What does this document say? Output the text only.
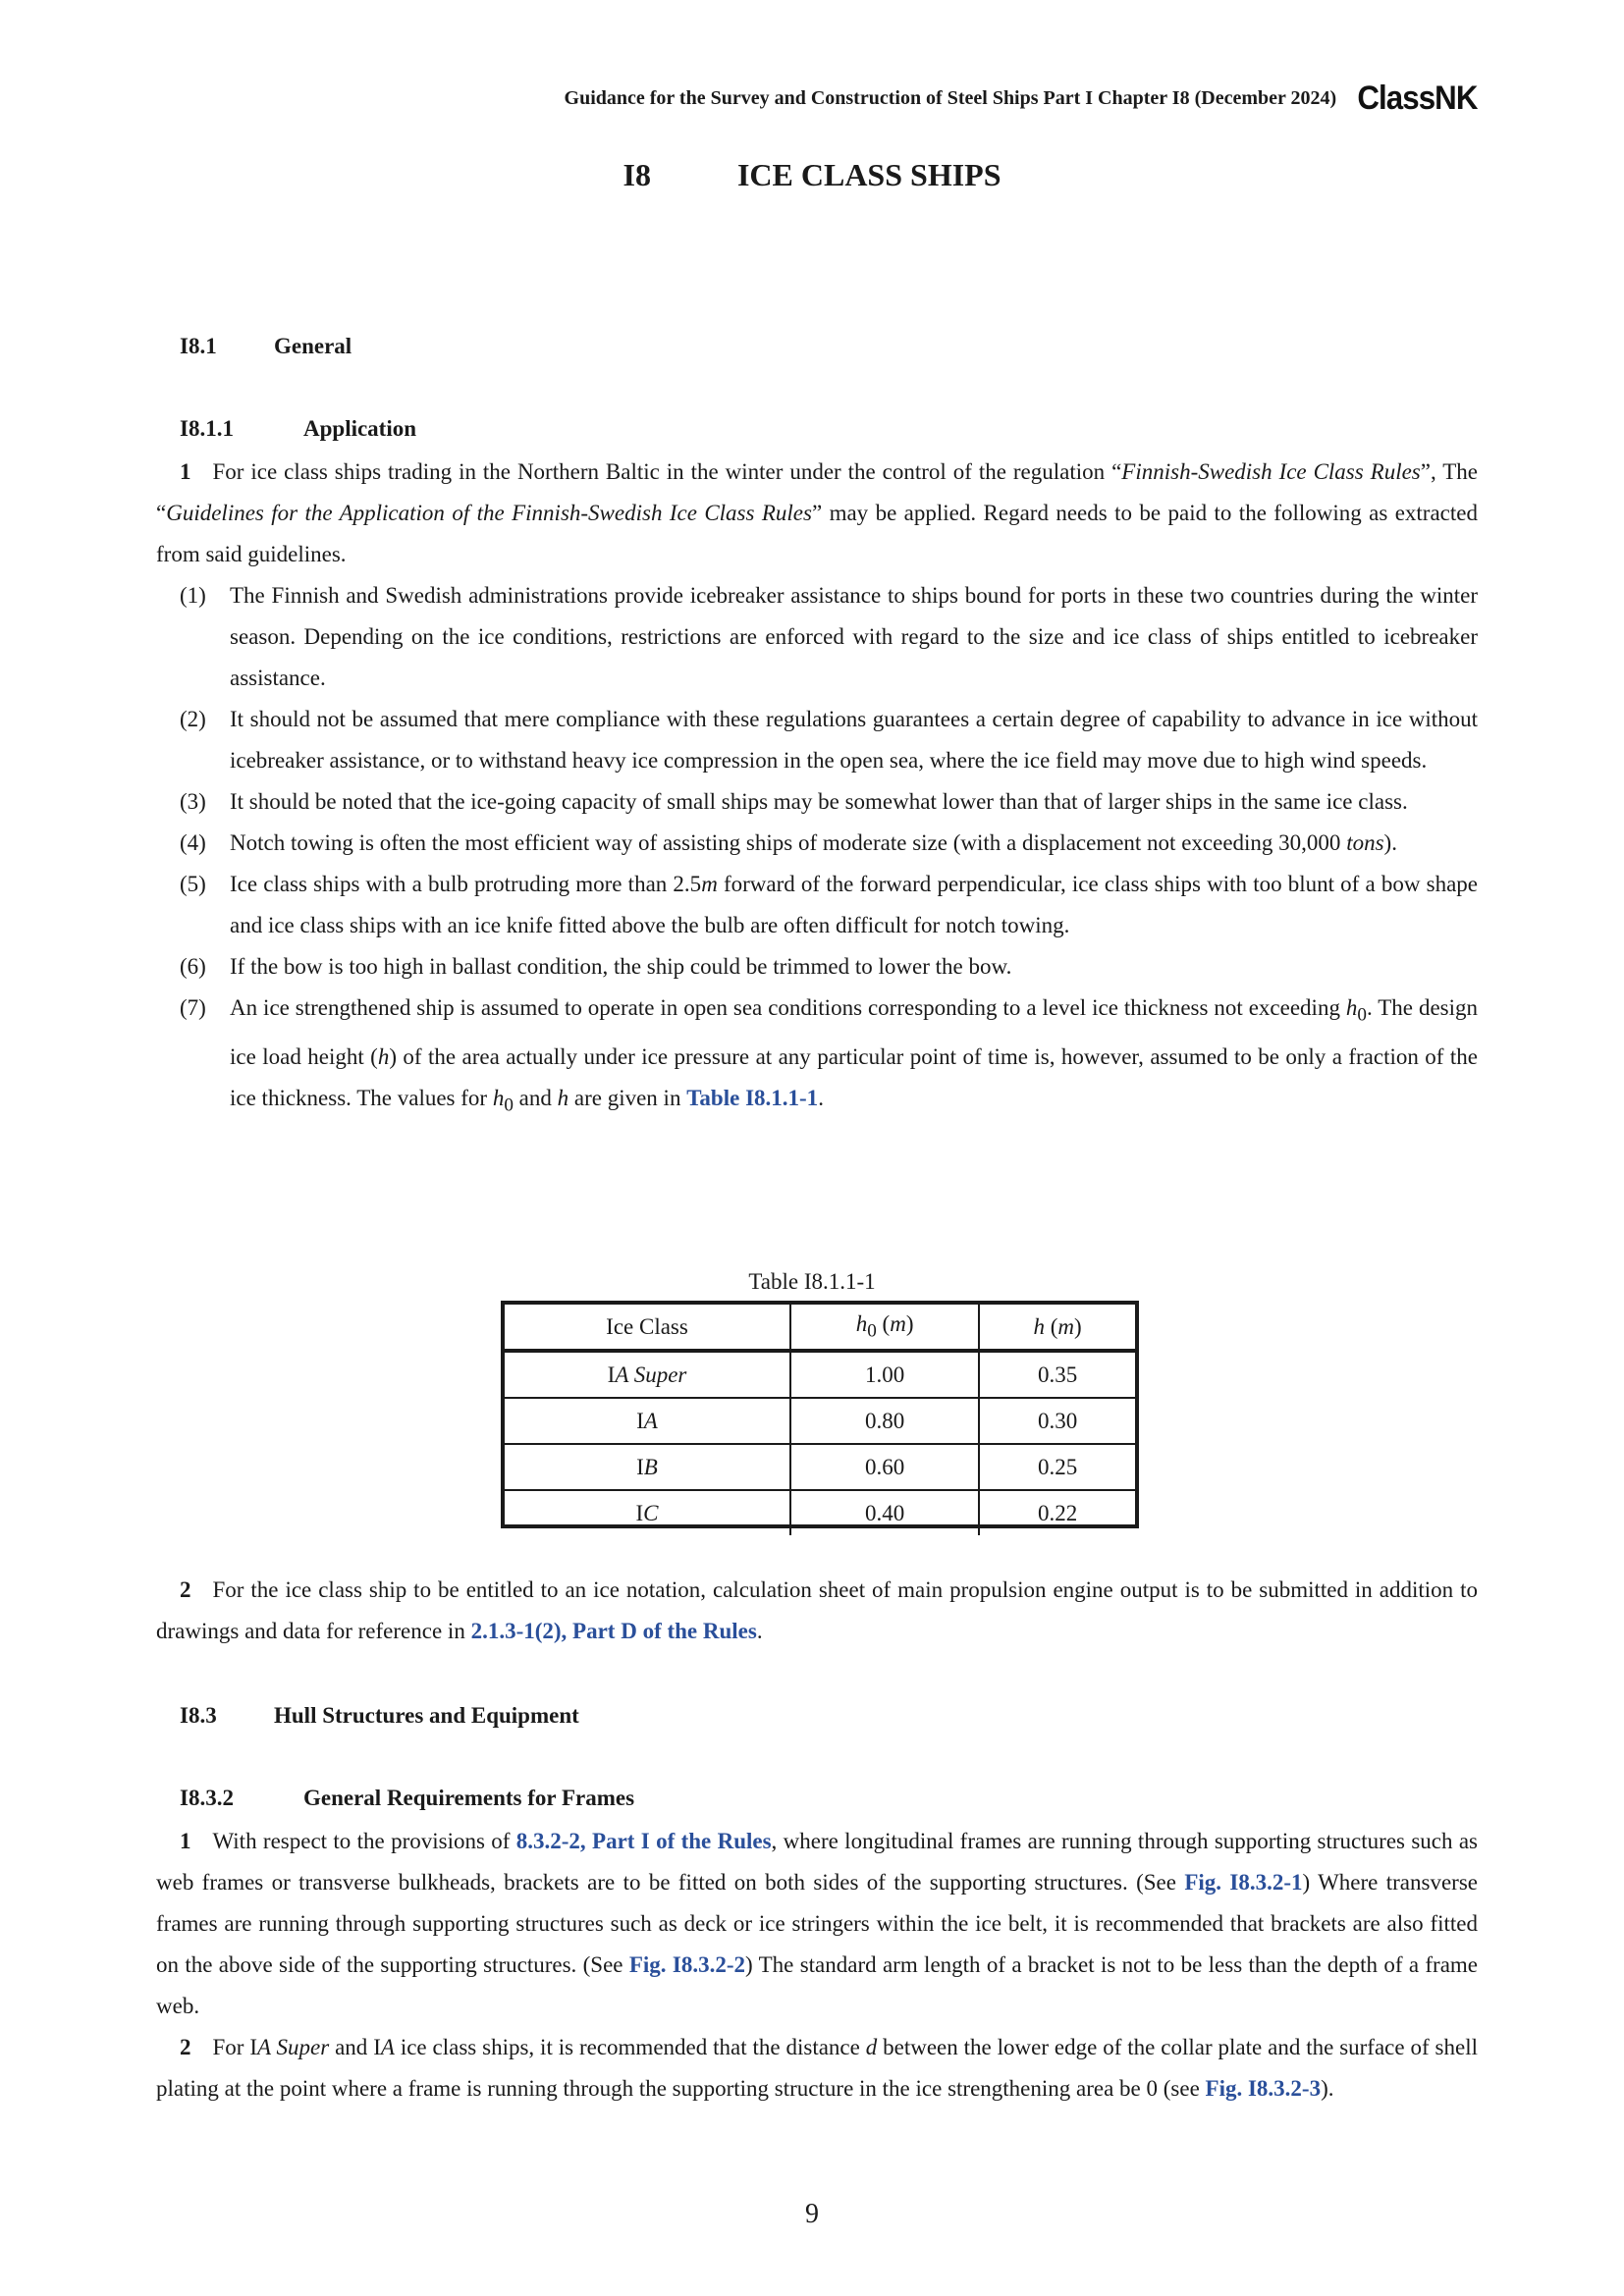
Guidance for the Survey and Construction of Steel Ships Part I Chapter I8 (December 2024) ClassNK
I8	ICE CLASS SHIPS
I8.1	General
I8.1.1	Application
1 For ice class ships trading in the Northern Baltic in the winter under the control of the regulation “Finnish-Swedish Ice Class Rules”, The “Guidelines for the Application of the Finnish-Swedish Ice Class Rules” may be applied. Regard needs to be paid to the following as extracted from said guidelines.
(1) The Finnish and Swedish administrations provide icebreaker assistance to ships bound for ports in these two countries during the winter season. Depending on the ice conditions, restrictions are enforced with regard to the size and ice class of ships entitled to icebreaker assistance.
(2) It should not be assumed that mere compliance with these regulations guarantees a certain degree of capability to advance in ice without icebreaker assistance, or to withstand heavy ice compression in the open sea, where the ice field may move due to high wind speeds.
(3) It should be noted that the ice-going capacity of small ships may be somewhat lower than that of larger ships in the same ice class.
(4) Notch towing is often the most efficient way of assisting ships of moderate size (with a displacement not exceeding 30,000 tons).
(5) Ice class ships with a bulb protruding more than 2.5m forward of the forward perpendicular, ice class ships with too blunt of a bow shape and ice class ships with an ice knife fitted above the bulb are often difficult for notch towing.
(6) If the bow is too high in ballast condition, the ship could be trimmed to lower the bow.
(7) An ice strengthened ship is assumed to operate in open sea conditions corresponding to a level ice thickness not exceeding $h_0$. The design ice load height (h) of the area actually under ice pressure at any particular point of time is, however, assumed to be only a fraction of the ice thickness. The values for $h_0$ and h are given in Table I8.1.1-1.
Table I8.1.1-1
Ice Class	$h_0$ (m)	h (m)
IA Super	1.00	0.35
IA	0.80	0.30
IB	0.60	0.25
IC	0.40	0.22
2 For the ice class ship to be entitled to an ice notation, calculation sheet of main propulsion engine output is to be submitted in addition to drawings and data for reference in 2.1.3-1(2), Part D of the Rules.
I8.3	Hull Structures and Equipment
I8.3.2	General Requirements for Frames
1 With respect to the provisions of 8.3.2-2, Part I of the Rules, where longitudinal frames are running through supporting structures such as web frames or transverse bulkheads, brackets are to be fitted on both sides of the supporting structures. (See Fig. I8.3.2-1) Where transverse frames are running through supporting structures such as deck or ice stringers within the ice belt, it is recommended that brackets are also fitted on the above side of the supporting structures. (See Fig. I8.3.2-2) The standard arm length of a bracket is not to be less than the depth of a frame web.
2 For IA Super and IA ice class ships, it is recommended that the distance d between the lower edge of the collar plate and the surface of shell plating at the point where a frame is running through the supporting structure in the ice strengthening area be 0 (see Fig. I8.3.2-3).
9
